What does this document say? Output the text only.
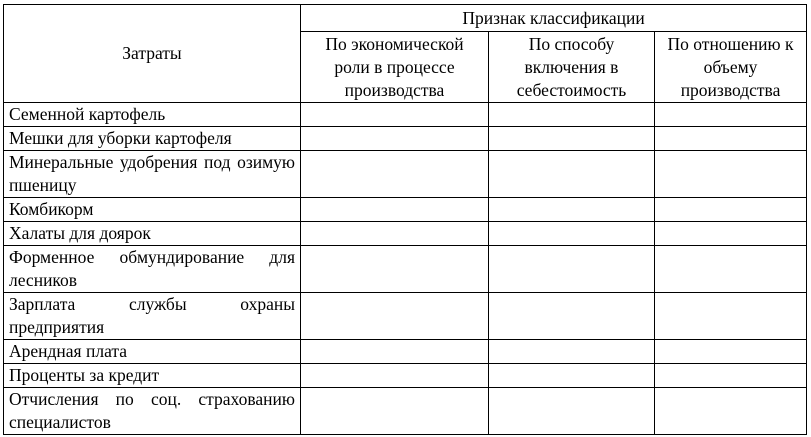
Затраты	Признак классификации		
	По экономической роли в процессе производства	По способу включения в себестоимость	По отношению к объему производства
Семенной картофель			
Мешки для уборки картофеля			
Минеральные удобрения под озимую пшеницу			
Комбикорм			
Халаты для доярок			
Форменное обмундирование для лесников			
Зарплата службы охраны предприятия			
Арендная плата			
Проценты за кредит			
Отчисления по соц. страхованию специалистов			
